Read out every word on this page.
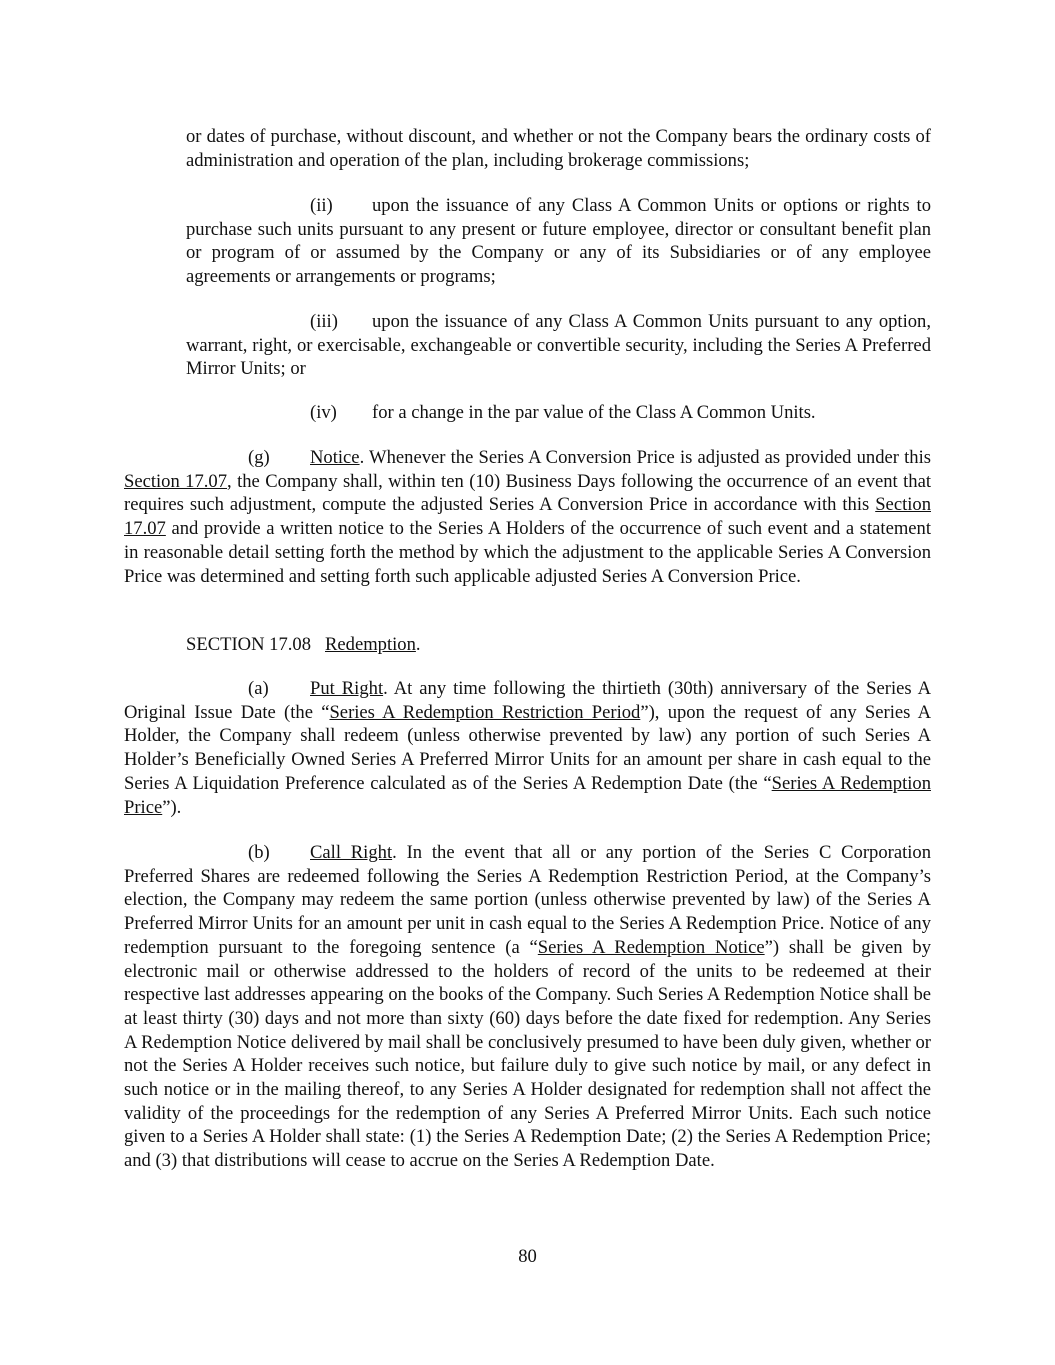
or dates of purchase, without discount, and whether or not the Company bears the ordinary costs of administration and operation of the plan, including brokerage commissions;

(ii) upon the issuance of any Class A Common Units or options or rights to purchase such units pursuant to any present or future employee, director or consultant benefit plan or program of or assumed by the Company or any of its Subsidiaries or of any employee agreements or arrangements or programs;

(iii) upon the issuance of any Class A Common Units pursuant to any option, warrant, right, or exercisable, exchangeable or convertible security, including the Series A Preferred Mirror Units; or

(iv) for a change in the par value of the Class A Common Units.

(g) Notice. Whenever the Series A Conversion Price is adjusted as provided under this Section 17.07, the Company shall, within ten (10) Business Days following the occurrence of an event that requires such adjustment, compute the adjusted Series A Conversion Price in accordance with this Section 17.07 and provide a written notice to the Series A Holders of the occurrence of such event and a statement in reasonable detail setting forth the method by which the adjustment to the applicable Series A Conversion Price was determined and setting forth such applicable adjusted Series A Conversion Price.

SECTION 17.08 Redemption.

(a) Put Right. At any time following the thirtieth (30th) anniversary of the Series A Original Issue Date (the “Series A Redemption Restriction Period”), upon the request of any Series A Holder, the Company shall redeem (unless otherwise prevented by law) any portion of such Series A Holder’s Beneficially Owned Series A Preferred Mirror Units for an amount per share in cash equal to the Series A Liquidation Preference calculated as of the Series A Redemption Date (the “Series A Redemption Price”).

(b) Call Right. In the event that all or any portion of the Series C Corporation Preferred Shares are redeemed following the Series A Redemption Restriction Period, at the Company’s election, the Company may redeem the same portion (unless otherwise prevented by law) of the Series A Preferred Mirror Units for an amount per unit in cash equal to the Series A Redemption Price. Notice of any redemption pursuant to the foregoing sentence (a “Series A Redemption Notice”) shall be given by electronic mail or otherwise addressed to the holders of record of the units to be redeemed at their respective last addresses appearing on the books of the Company. Such Series A Redemption Notice shall be at least thirty (30) days and not more than sixty (60) days before the date fixed for redemption. Any Series A Redemption Notice delivered by mail shall be conclusively presumed to have been duly given, whether or not the Series A Holder receives such notice, but failure duly to give such notice by mail, or any defect in such notice or in the mailing thereof, to any Series A Holder designated for redemption shall not affect the validity of the proceedings for the redemption of any Series A Preferred Mirror Units. Each such notice given to a Series A Holder shall state: (1) the Series A Redemption Date; (2) the Series A Redemption Price; and (3) that distributions will cease to accrue on the Series A Redemption Date.

80
